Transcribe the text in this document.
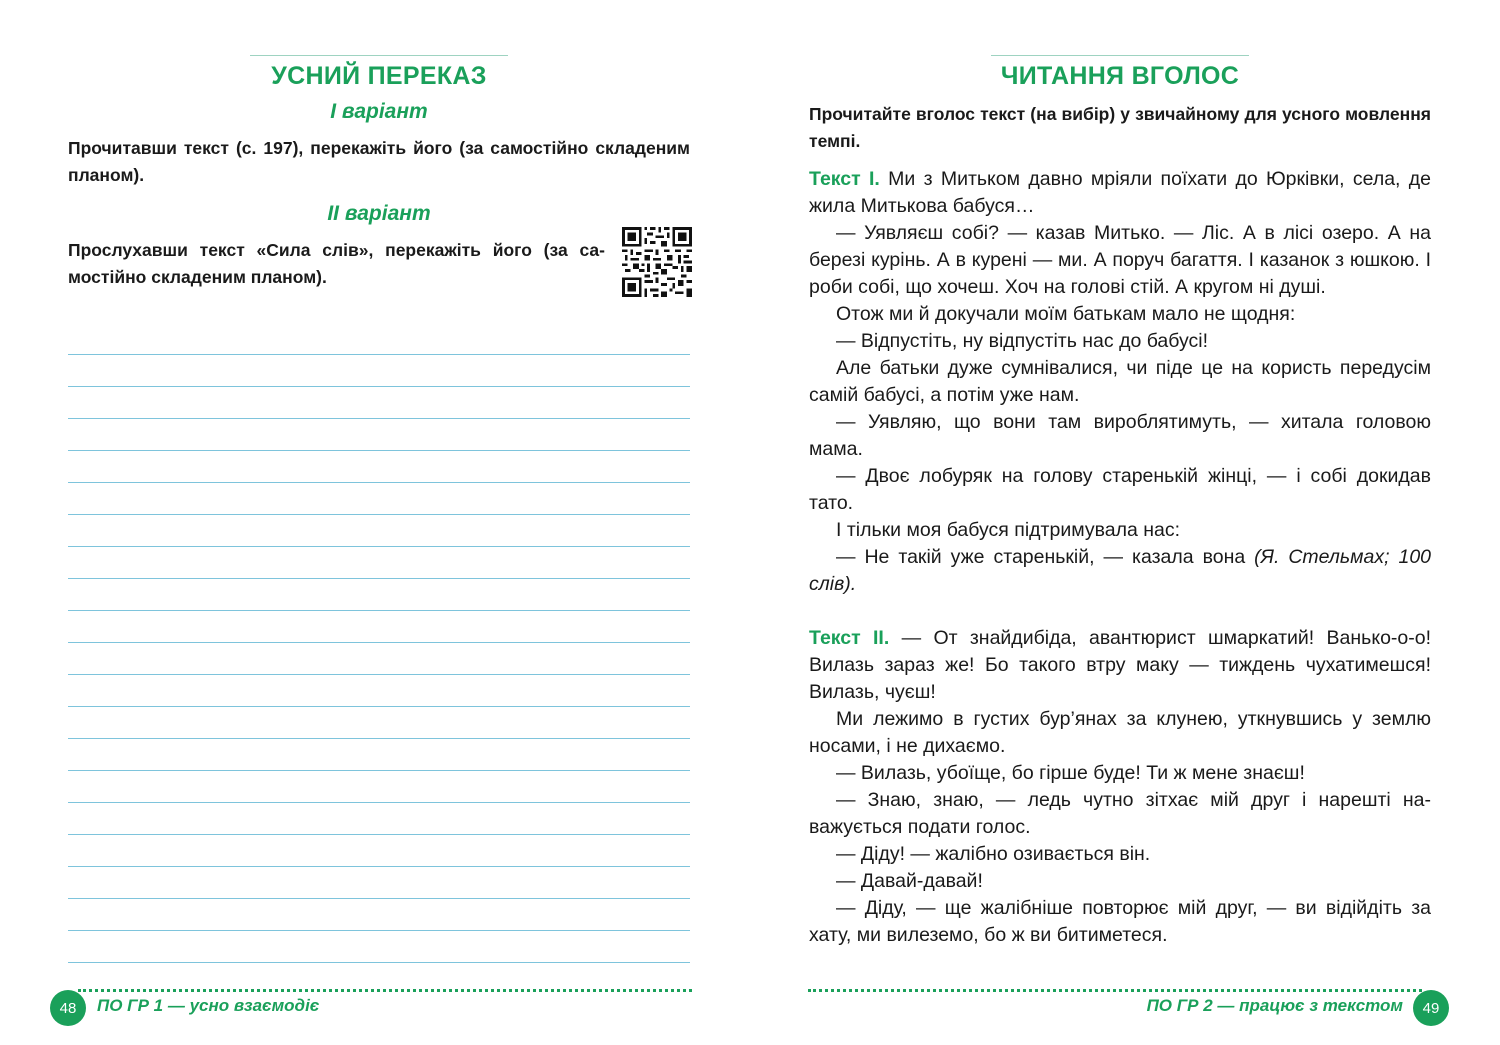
УСНИЙ ПЕРЕКАЗ
І варіант

Прочитавши текст (с. 197), перекажіть його (за самостійно складеним планом).

ІІ варіант

Прослухавши текст «Сила слів», перекажіть його (за самостійно складеним планом).

48	ПО ГР 1 — усно взаємодіє
ЧИТАННЯ ВГОЛОС

Прочитайте вголос текст (на вибір) у звичайному для усного мовлення темпі.

Текст І. Ми з Митьком давно мріяли поїхати до Юрківки, села, де жила Митькова бабуся…

— Уявляєш собі? — казав Митько. — Ліс. А в лісі озеро. А на березі курінь. А в курені — ми. А поруч багаття. І казанок з юшкою. І роби собі, що хочеш. Хоч на голові стій. А кругом ні душі.

Отож ми й докучали моїм батькам мало не щодня:

— Відпустіть, ну відпустіть нас до бабусі!

Але батьки дуже сумнівалися, чи піде це на користь передусім самій бабусі, а потім уже нам.

— Уявляю, що вони там вироблятимуть, — хитала головою мама.

— Двоє лобуряк на голову старенькій жінці, — і собі докидав тато.

І тільки моя бабуся підтримувала нас:

— Не такій уже старенькій, — казала вона (Я. Стельмах; 100 слів).

Текст ІІ. — От знайдибіда, авантюрист шмаркатий! Ванько-о-о! Вилазь зараз же! Бо такого втру маку — тиждень чухатимешся! Вилазь, чуєш!

Ми лежимо в густих бур’янах за клунею, уткнувшись у землю носами, і не дихаємо.

— Вилазь, убоїще, бо гірше буде! Ти ж мене знаєш!

— Знаю, знаю, — ледь чутно зітхає мій друг і нарешті наважується подати голос.

— Діду! — жалібно озивається він.

— Давай-давай!

— Діду, — ще жалібніше повторює мій друг, — ви відійдіть за хату, ми вилеземо, бо ж ви битиметеся.

ПО ГР 2 — працює з текстом	49
